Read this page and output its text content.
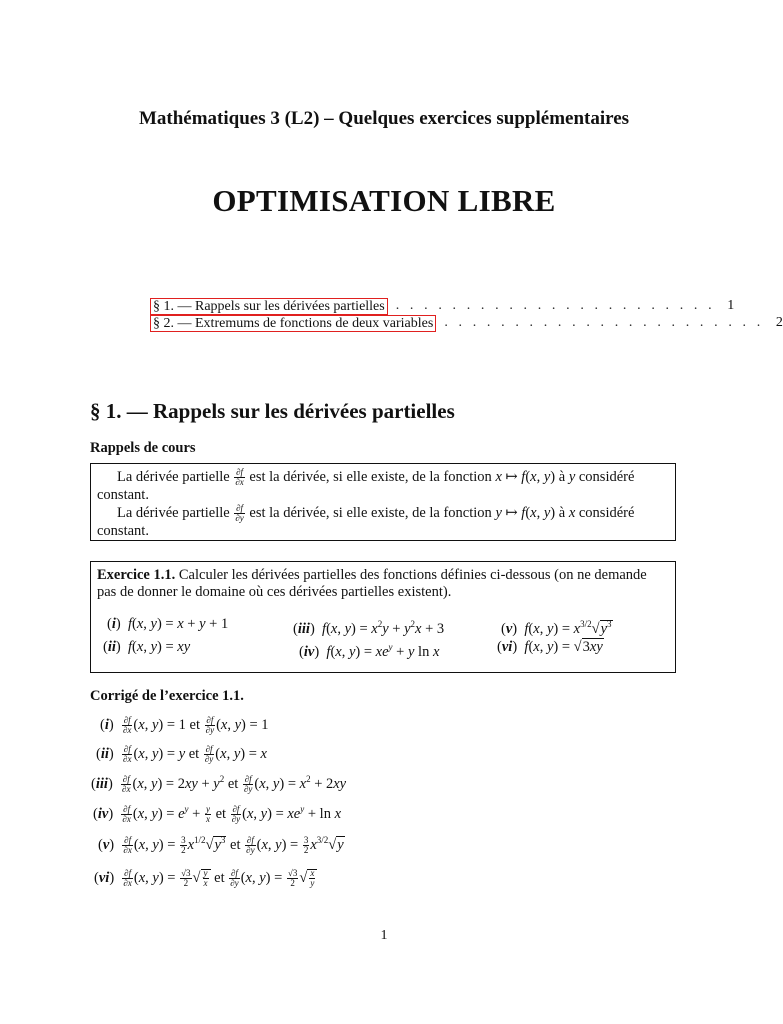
Mathématiques 3 (L2) – Quelques exercices supplémentaires
OPTIMISATION LIBRE
§ 1. — Rappels sur les dérivées partielles . . . . . . . . . . . . . . . . . . . . . . . 1
§ 2. — Extremums de fonctions de deux variables . . . . . . . . . . . . . . . . . . . . . . . 2
§ 1. — Rappels sur les dérivées partielles
Rappels de cours
La dérivée partielle $\frac{\partial f}{\partial x}$ est la dérivée, si elle existe, de la fonction x ↦ f(x, y) à y considéré
constant.
La dérivée partielle $\frac{\partial f}{\partial y}$ est la dérivée, si elle existe, de la fonction y ↦ f(x, y) à x considéré
constant.
Exercice 1.1. Calculer les dérivées partielles des fonctions définies ci-dessous (on ne demande pas de donner le domaine où ces dérivées partielles existent).
(i)  f(x, y) = x + y + 1	(iii)  f(x, $y) = x^2y + y^2x + 3$	(v)  f(x, $y) = x^{3/2}√y^3$
(ii)  f(x, y) = xy	(iv)  f(x, $y) = xe^y + y$ ln x	(vi)  f(x, y) = √3xy
Corrigé de l’exercice 1.1.
$(i) \frac{\partial f}{\partial x} (x$, y) = 1 et $\frac{\partial f}{\partial y} (x$, y) = 1
$(ii) \frac{\partial f}{\partial x} (x$, y) = y et $\frac{\partial f}{\partial y} (x$, y) = x
$(iii) \frac{\partial f}{\partial x} (x$, $y) = 2xy + y^2$ et $\frac{\partial f}{\partial y} (x$, $y) = x^2 + 2xy$
$(iv) \frac{\partial f}{\partial x} (x$, $y) = e^y + \frac{y}{x}$ et $\frac{\partial f}{\partial y} (x$, $y) = xe^y + \ln x$
$(v) \frac{\partial f}{\partial x} (x$, $y) = \frac{3}{2} x^{1/2}√y^3$ et $\frac{\partial f}{\partial y} (x$, $y) = \frac{3}{2} x^{3/2}√y$
$(vi) \frac{\partial f}{\partial x} (x$, $y) = \frac{√3}{2}$ √ $\frac{y}{x}$ et $\frac{\partial f}{\partial y} (x$, $y) = \frac{√3}{2}$ √ $\frac{x}{y}$
1
